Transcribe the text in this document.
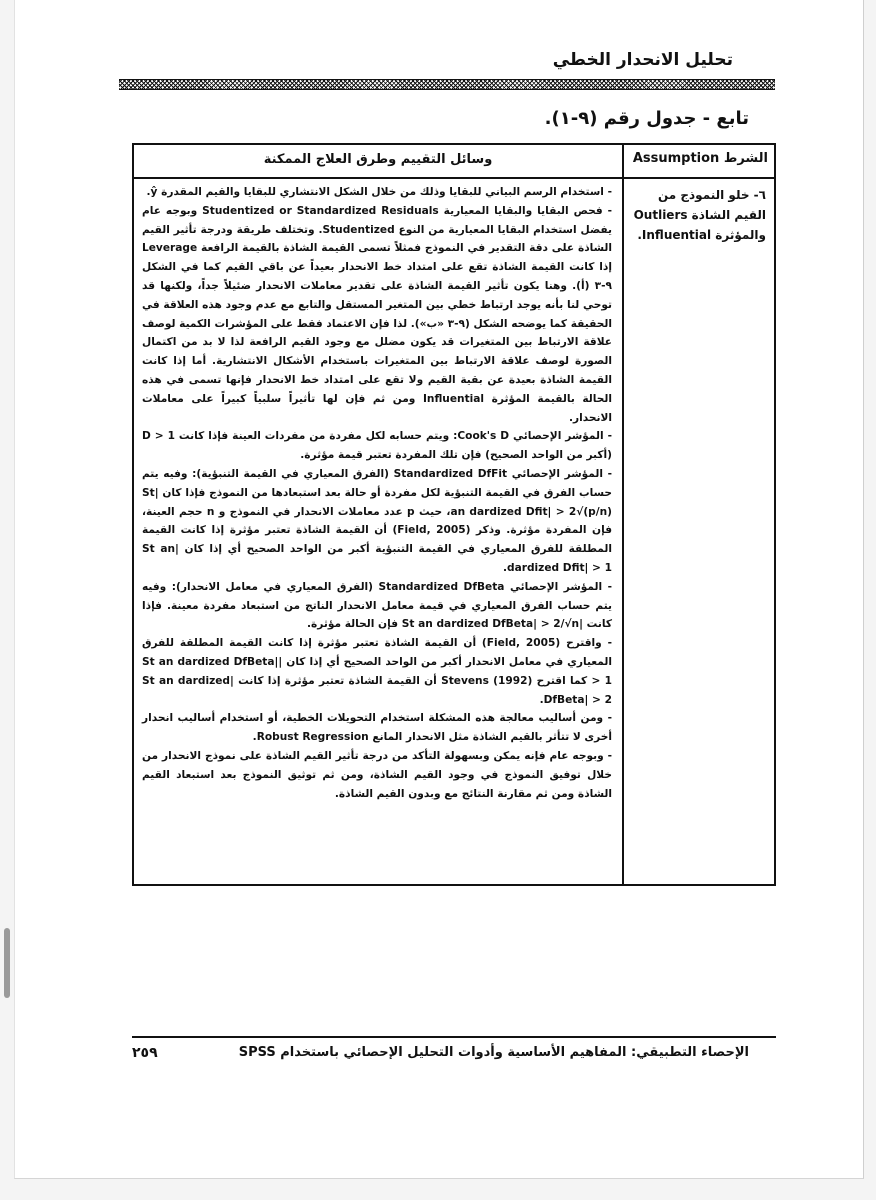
تحليل الانحدار الخطي
تابع - جدول رقم (٩-١).
الشرط Assumption
وسائل التقييم وطرق العلاج الممكنة
٦- خلو النموذج من القيم الشاذة Outliers والمؤثرة Influential.

- استخدام الرسم البياني للبقايا وذلك من خلال الشكل الانتشاري للبقايا والقيم المقدرة ŷ.

- فحص البقايا والبقايا المعيارية Studentized or Standardized Residuals وبوجه عام يفضل استخدام البقايا المعيارية من النوع Studentized. وتختلف طريقة ودرجة تأثير القيم الشاذة على دقة التقدير في النموذج فمثلاً تسمى القيمة الشاذة بالقيمة الرافعة Leverage إذا كانت القيمة الشاذة تقع على امتداد خط الانحدار بعيداً عن باقي القيم كما في الشكل ٩-٣ (أ). وهنا يكون تأثير القيمة الشاذة على تقدير معاملات الانحدار ضئيلاً جداً، ولكنها قد توحي لنا بأنه يوجد ارتباط خطي بين المتغير المستقل والتابع مع عدم وجود هذه العلاقة في الحقيقة كما يوضحه الشكل (٩-٣ «ب»). لذا فإن الاعتماد فقط على المؤشرات الكمية لوصف علاقة الارتباط بين المتغيرات قد يكون مضلل مع وجود القيم الرافعة لذا لا بد من اكتمال الصورة لوصف علاقة الارتباط بين المتغيرات باستخدام الأشكال الانتشارية. أما إذا كانت القيمة الشاذة بعيدة عن بقية القيم ولا تقع على امتداد خط الانحدار فإنها تسمى في هذه الحالة بالقيمة المؤثرة Influential ومن ثم فإن لها تأثيراً سلبياً كبيراً على معاملات الانحدار.

- المؤشر الإحصائي Cook's D: ويتم حسابه لكل مفردة من مفردات العينة فإذا كانت D > 1 (أكبر من الواحد الصحيح) فإن تلك المفردة تعتبر قيمة مؤثرة.

- المؤشر الإحصائي Standardized DfFit (الفرق المعياري في القيمة التنبؤية): وفيه يتم حساب الفرق في القيمة التنبؤية لكل مفردة أو حالة بعد استبعادها من النموذج فإذا كان |St an dardized Dfit| > 2√(p/n)، حيث p عدد معاملات الانحدار في النموذج و n حجم العينة، فإن المفردة مؤثرة. وذكر (Field, 2005) أن القيمة الشاذة تعتبر مؤثرة إذا كانت القيمة المطلقة للفرق المعياري في القيمة التنبؤية أكبر من الواحد الصحيح أي إذا كان |St an dardized Dfit| > 1.

- المؤشر الإحصائي Standardized DfBeta (الفرق المعياري في معامل الانحدار): وفيه يتم حساب الفرق المعياري في قيمة معامل الانحدار الناتج من استبعاد مفردة معينة. فإذا كانت |St an dardized DfBeta| > 2/√n فإن الحالة مؤثرة.

- واقترح (Field, 2005) أن القيمة الشاذة تعتبر مؤثرة إذا كانت القيمة المطلقة للفرق المعياري في معامل الانحدار أكبر من الواحد الصحيح أي إذا كان |St an dardized DfBeta| > 1 كما اقترح (Stevens (1992 أن القيمة الشاذة تعتبر مؤثرة إذا كانت |St an dardized DfBeta| > 2.

- ومن أساليب معالجة هذه المشكلة استخدام التحويلات الخطية، أو استخدام أساليب انحدار أخرى لا تتأثر بالقيم الشاذة مثل الانحدار المانع Robust Regression.

- وبوجه عام فإنه يمكن وبسهولة التأكد من درجة تأثير القيم الشاذة على نموذج الانحدار من خلال توفيق النموذج في وجود القيم الشاذة، ومن ثم توثيق النموذج بعد استبعاد القيم الشاذة ومن ثم مقارنة النتائج مع وبدون القيم الشاذة.

الإحصاء التطبيقي: المفاهيم الأساسية وأدوات التحليل الإحصائي باستخدام SPSS
٢٥٩
